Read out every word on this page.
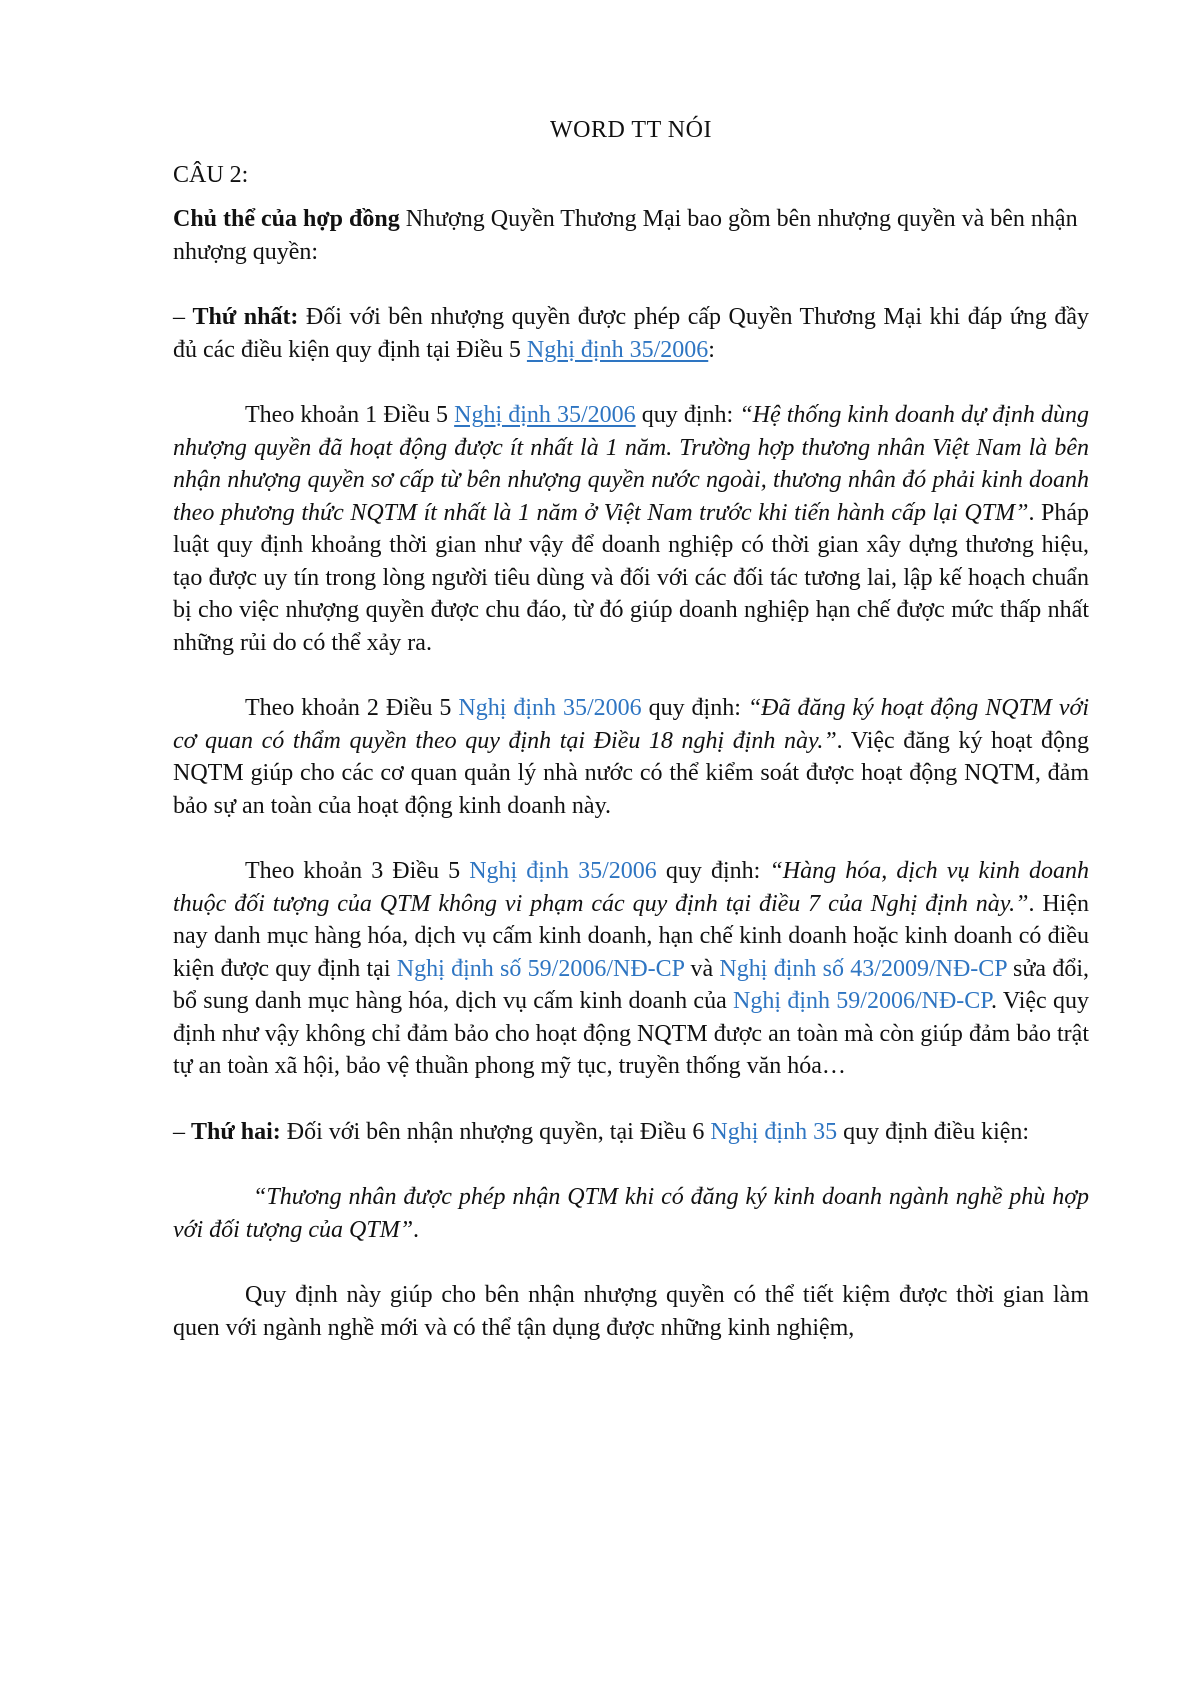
WORD TT NÓI
CÂU 2:

Chủ thể của hợp đồng Nhượng Quyền Thương Mại bao gồm bên nhượng quyền và bên nhận nhượng quyền:

– Thứ nhất: Đối với bên nhượng quyền được phép cấp Quyền Thương Mại khi đáp ứng đầy đủ các điều kiện quy định tại Điều 5 Nghị định 35/2006:

Theo khoản 1 Điều 5 Nghị định 35/2006 quy định: “Hệ thống kinh doanh dự định dùng nhượng quyền đã hoạt động được ít nhất là 1 năm. Trường hợp thương nhân Việt Nam là bên nhận nhượng quyền sơ cấp từ bên nhượng quyền nước ngoài, thương nhân đó phải kinh doanh theo phương thức NQTM ít nhất là 1 năm ở Việt Nam trước khi tiến hành cấp lại QTM”. Pháp luật quy định khoảng thời gian như vậy để doanh nghiệp có thời gian xây dựng thương hiệu, tạo được uy tín trong lòng người tiêu dùng và đối với các đối tác tương lai, lập kế hoạch chuẩn bị cho việc nhượng quyền được chu đáo, từ đó giúp doanh nghiệp hạn chế được mức thấp nhất những rủi do có thể xảy ra.

Theo khoản 2 Điều 5 Nghị định 35/2006 quy định: “Đã đăng ký hoạt động NQTM với cơ quan có thẩm quyền theo quy định tại Điều 18 nghị định này.”. Việc đăng ký hoạt động NQTM giúp cho các cơ quan quản lý nhà nước có thể kiểm soát được hoạt động NQTM, đảm bảo sự an toàn của hoạt động kinh doanh này.

Theo khoản 3 Điều 5 Nghị định 35/2006 quy định: “Hàng hóa, dịch vụ kinh doanh thuộc đối tượng của QTM không vi phạm các quy định tại điều 7 của Nghị định này.”. Hiện nay danh mục hàng hóa, dịch vụ cấm kinh doanh, hạn chế kinh doanh hoặc kinh doanh có điều kiện được quy định tại Nghị định số 59/2006/NĐ-CP và Nghị định số 43/2009/NĐ-CP sửa đổi, bổ sung danh mục hàng hóa, dịch vụ cấm kinh doanh của Nghị định 59/2006/NĐ-CP. Việc quy định như vậy không chỉ đảm bảo cho hoạt động NQTM được an toàn mà còn giúp đảm bảo trật tự an toàn xã hội, bảo vệ thuần phong mỹ tục, truyền thống văn hóa…

– Thứ hai: Đối với bên nhận nhượng quyền, tại Điều 6 Nghị định 35 quy định điều kiện:

“Thương nhân được phép nhận QTM khi có đăng ký kinh doanh ngành nghề phù hợp với đối tượng của QTM”.

Quy định này giúp cho bên nhận nhượng quyền có thể tiết kiệm được thời gian làm quen với ngành nghề mới và có thể tận dụng được những kinh nghiệm,
